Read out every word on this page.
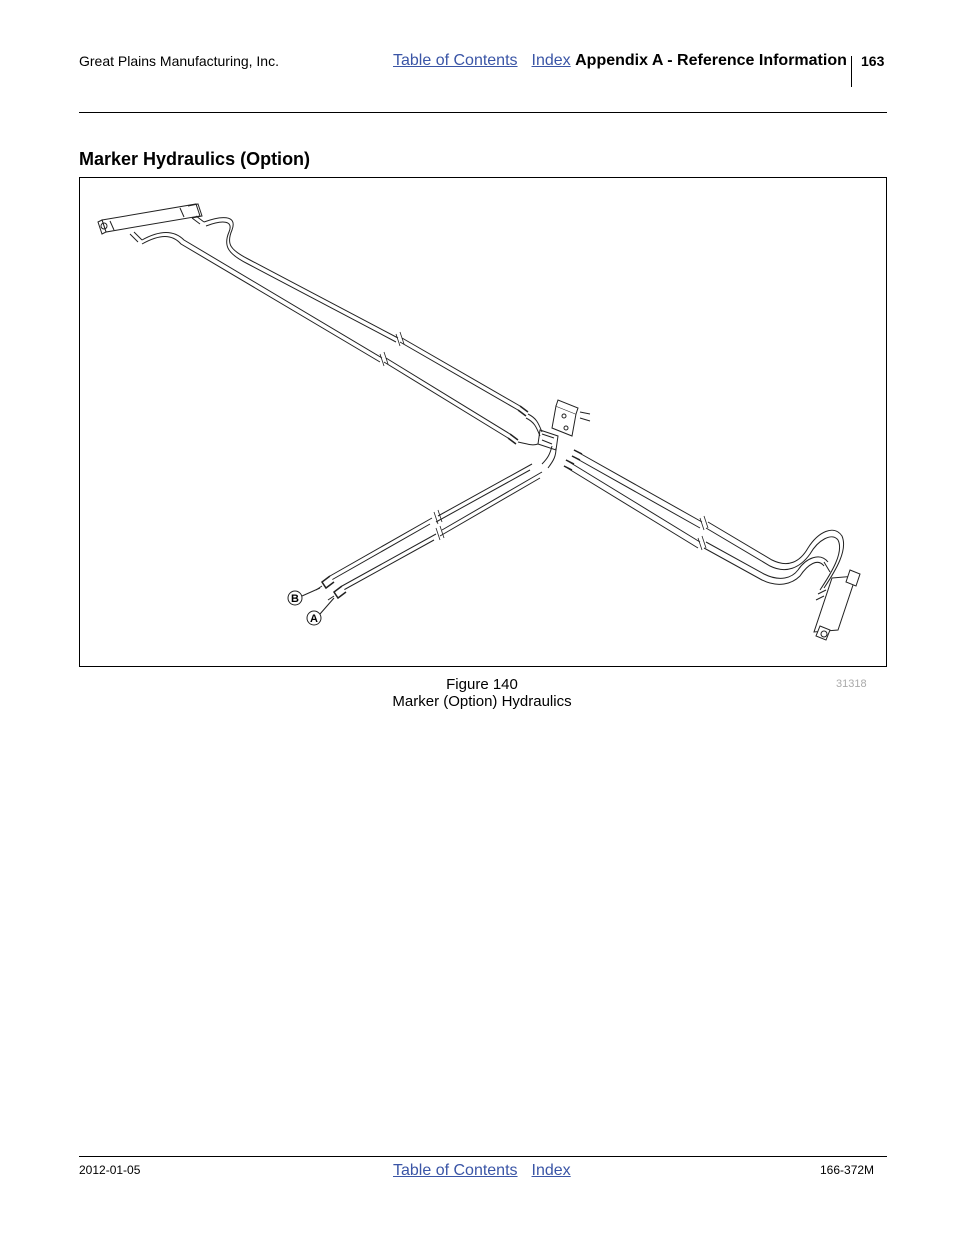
Great Plains Manufacturing, Inc.	Table of Contents Index Appendix A - Reference Information 163
Marker Hydraulics (Option)
B
A
Figure 140
Marker (Option) Hydraulics
31318
2012-01-05	Table of Contents Index	166-372M
